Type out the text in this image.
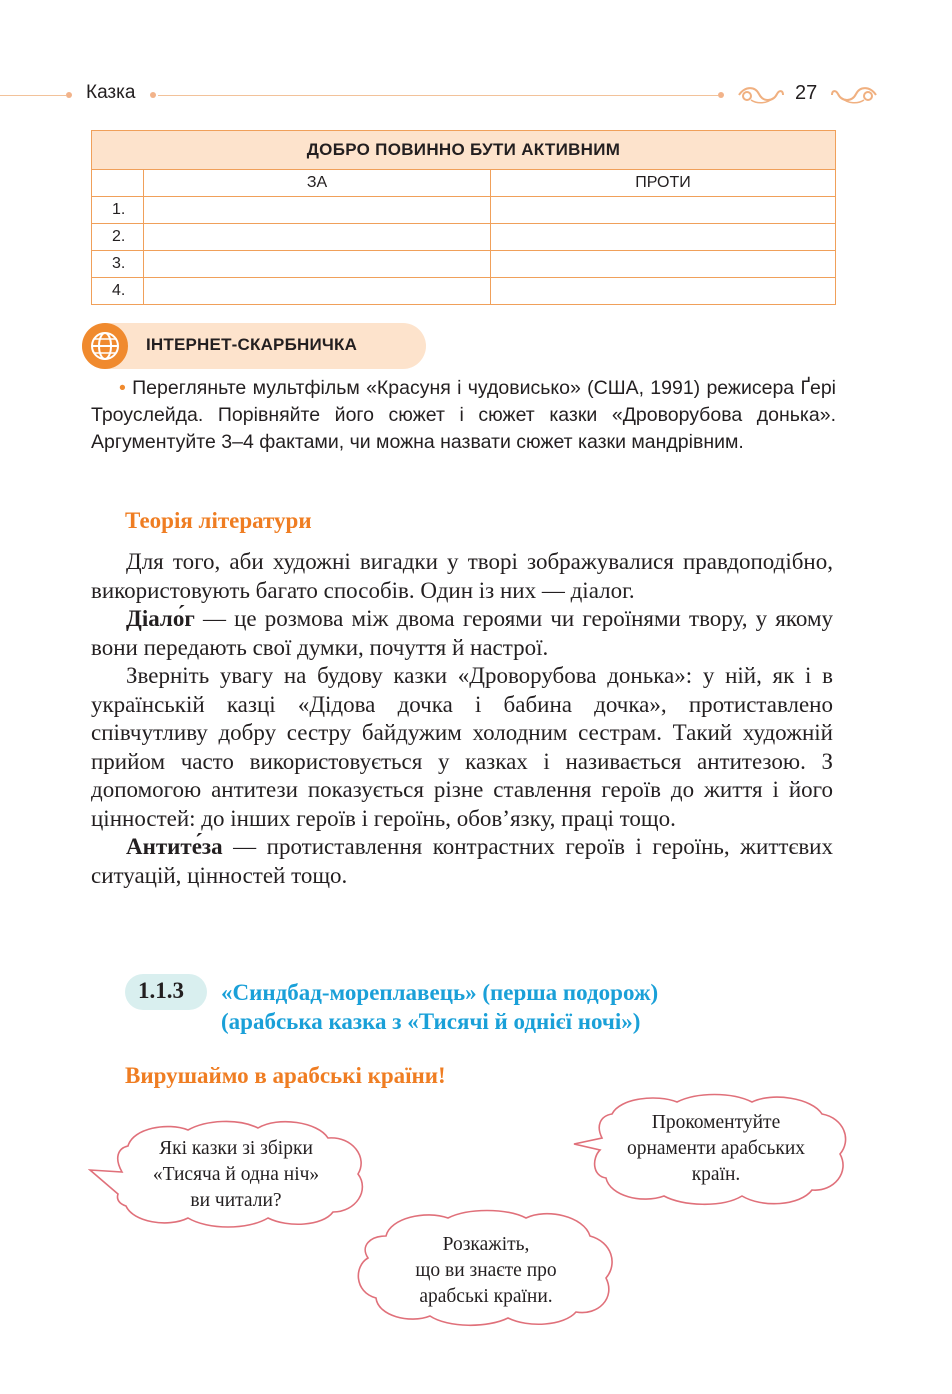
Казка	27
ДОБРО ПОВИННО БУТИ АКТИВНИМ		
	ЗА	ПРОТИ
1.		
2.		
3.		
4.		
ІНТЕРНЕТ-СКАРБНИЧКА
• Перегляньте мультфільм «Красуня і чудовисько» (США, 1991) режисера Ґері Троуслейда. Порівняйте його сюжет і сюжет казки «Дроворубова донька». Аргументуйте 3–4 фактами, чи можна назвати сюжет казки мандрівним.
Теорія літератури

Для того, аби художні вигадки у творі зображувалися правдоподібно, використовують багато способів. Один із них — діалог.

Діало́г — це розмова між двома героями чи героїнями твору, у якому вони передають свої думки, почуття й настрої.

Зверніть увагу на будову казки «Дроворубова донька»: у ній, як і в українській казці «Дідова дочка і бабина дочка», протиставлено співчутливу добру сестру байдужим холодним сестрам. Такий художній прийом часто використовується у казках і називається антитезою. З допомогою антитези показується різне ставлення героїв до життя і його цінностей: до інших героїв і героїнь, обов’язку, праці тощо.

Антите́за — протиставлення контрастних героїв і героїнь, життєвих ситуацій, цінностей тощо.

1.1.3 «Синдбад-мореплавець» (перша подорож)
(арабська казка з «Тисячі й однієї ночі»)
Вирушаймо в арабські країни!
Які казки зі збірки
«Тисяча й одна ніч»
ви читали?
Прокоментуйте
орнаменти арабських
країн.
Розкажіть,
що ви знаєте про
арабські країни.
